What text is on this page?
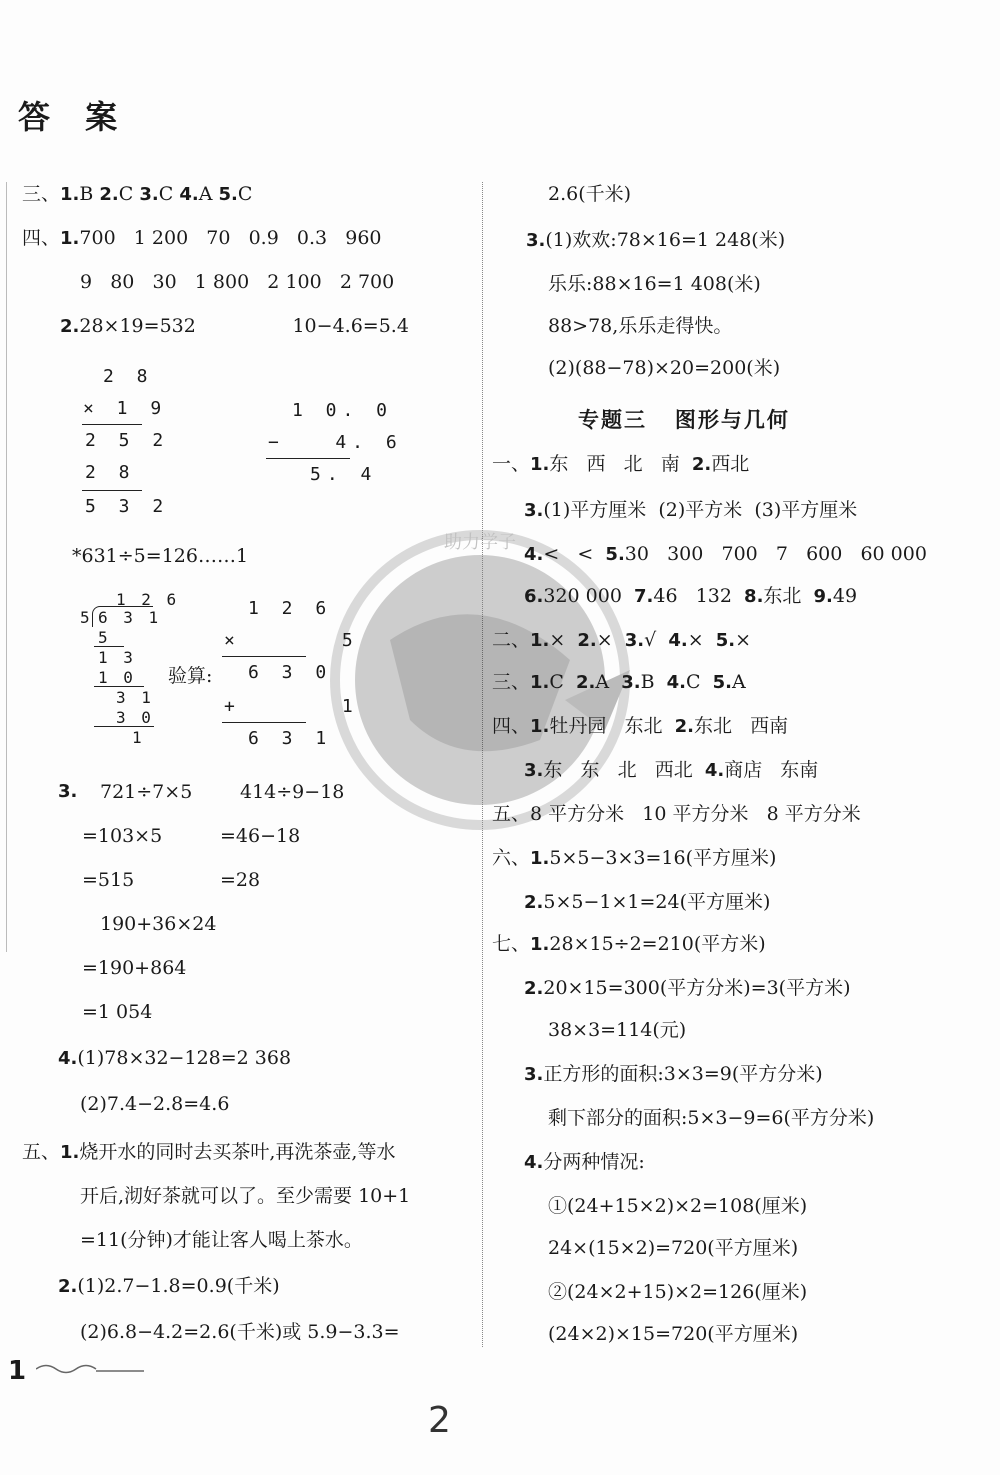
答 案
助力学子
三、1.B 2.C 3.C 4.A 5.C
四、1.700   1 200   70   0.9   0.3   960
9   80   30   1 800   2 100   2 700
2.28×19=532                10−4.6=5.4
2 8
× 1 9
2 5 2
2 8
5 3 2
1 0. 0
−   4. 6
5. 4
*631÷5=126……1
1 2 6
5 6 3 1
5
1 3
1 0
3 1
3 0
1
验算:
1 2 6
×      5
6 3 0
+      1
6 3 1
3. 721÷7×5
=103×5
=515
414÷9−18
=46−18
=28
190+36×24
=190+864
=1 054
4.(1)78×32−128=2 368
(2)7.4−2.8=4.6
五、1.烧开水的同时去买茶叶,再洗茶壶,等水
开后,沏好茶就可以了。至少需要 10+1
=11(分钟)才能让客人喝上茶水。
2.(1)2.7−1.8=0.9(千米)
(2)6.8−4.2=2.6(千米)或 5.9−3.3=
1
2
2.6(千米)
3.(1)欢欢:78×16=1 248(米)
乐乐:88×16=1 408(米)
88>78,乐乐走得快。
(2)(88−78)×20=200(米)
专题三   图形与几何
一、1.东   西   北   南  2.西北
3.(1)平方厘米  (2)平方米  (3)平方厘米
4.<   <  5.30   300   700   7   600   60 000
6.320 000  7.46   132  8.东北  9.49
二、1.×  2.×  3.√  4.×  5.×
三、1.C  2.A  3.B  4.C  5.A
四、1.牡丹园   东北  2.东北   西南
3.东   东   北   西北  4.商店   东南
五、8 平方分米   10 平方分米   8 平方分米
六、1.5×5−3×3=16(平方厘米)
2.5×5−1×1=24(平方厘米)
七、1.28×15÷2=210(平方米)
2.20×15=300(平方分米)=3(平方米)
38×3=114(元)
3.正方形的面积:3×3=9(平方分米)
剩下部分的面积:5×3−9=6(平方分米)
4.分两种情况:
①(24+15×2)×2=108(厘米)
24×(15×2)=720(平方厘米)
②(24×2+15)×2=126(厘米)
(24×2)×15=720(平方厘米)
